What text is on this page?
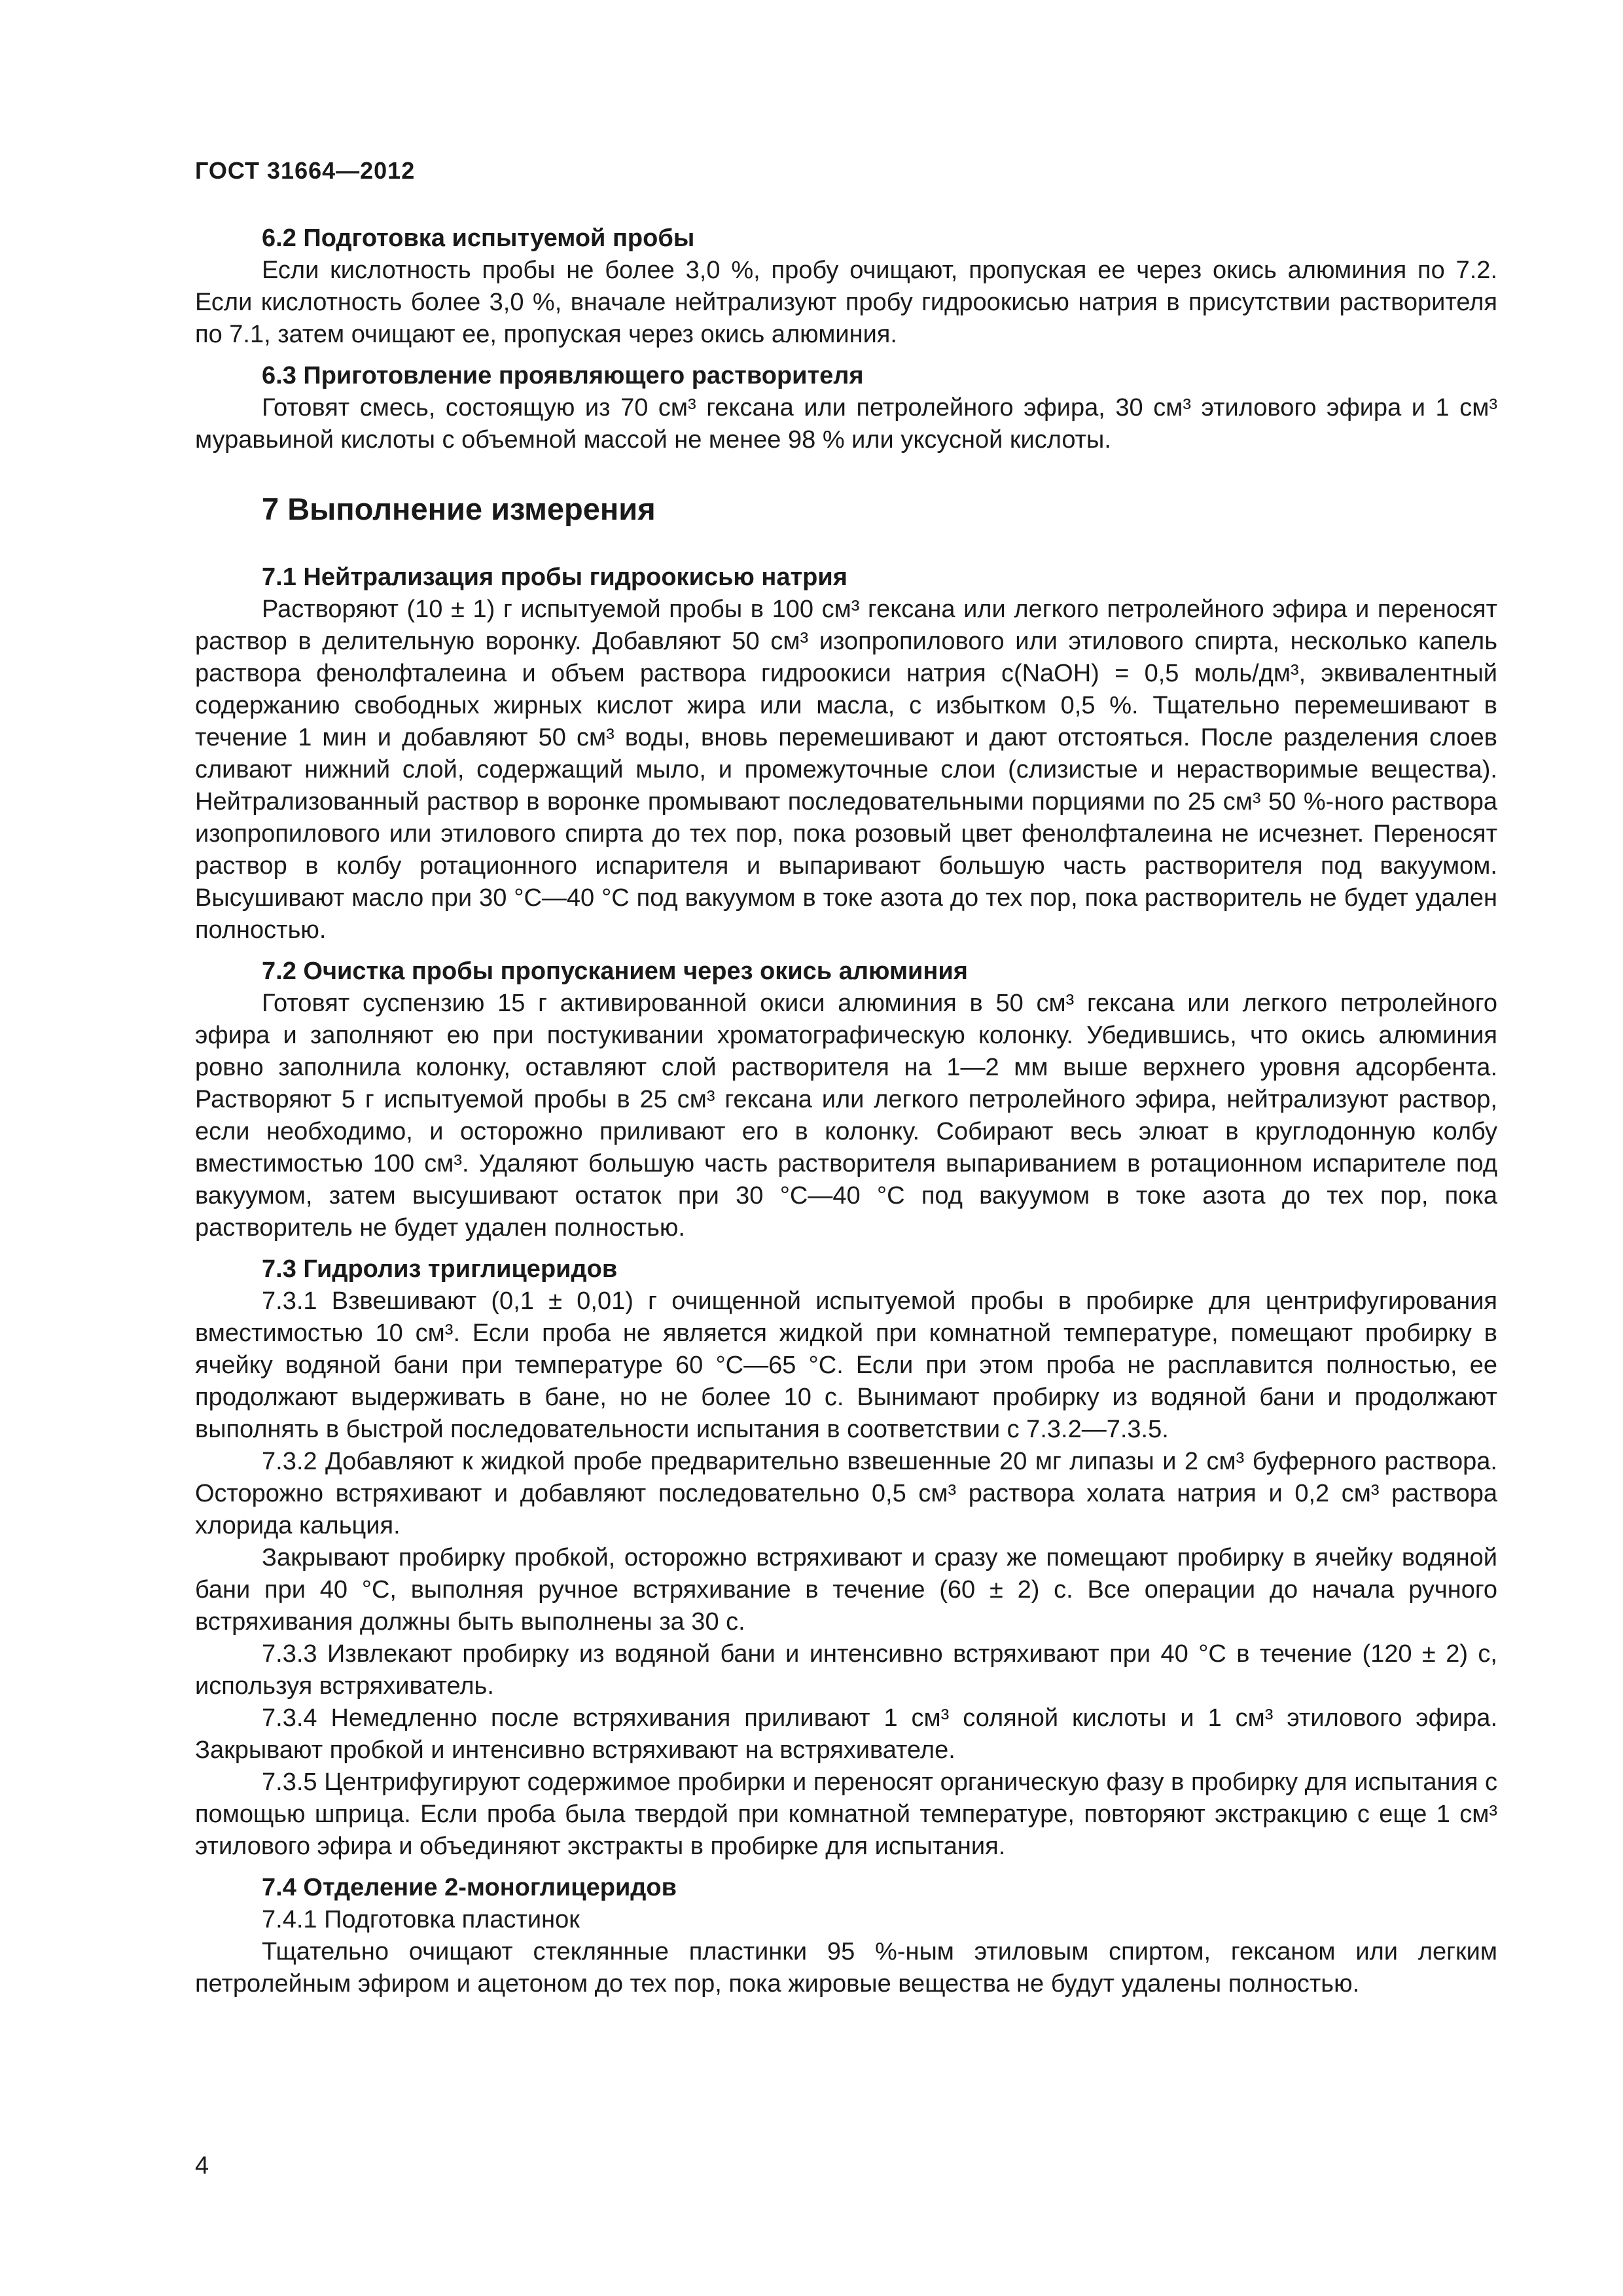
ГОСТ 31664—2012
6.2 Подготовка испытуемой пробы

Если кислотность пробы не более 3,0 %, пробу очищают, пропуская ее через окись алюминия по 7.2. Если кислотность более 3,0 %, вначале нейтрализуют пробу гидроокисью натрия в присутствии растворителя по 7.1, затем очищают ее, пропуская через окись алюминия.

6.3 Приготовление проявляющего растворителя

Готовят смесь, состоящую из 70 см³ гексана или петролейного эфира, 30 см³ этилового эфира и 1 см³ муравьиной кислоты с объемной массой не менее 98 % или уксусной кислоты.

7 Выполнение измерения
7.1 Нейтрализация пробы гидроокисью натрия

Растворяют (10 ± 1) г испытуемой пробы в 100 см³ гексана или легкого петролейного эфира и переносят раствор в делительную воронку. Добавляют 50 см³ изопропилового или этилового спирта, несколько капель раствора фенолфталеина и объем раствора гидроокиси натрия c(NaOH) = 0,5 моль/дм³, эквивалентный содержанию свободных жирных кислот жира или масла, с избытком 0,5 %. Тщательно перемешивают в течение 1 мин и добавляют 50 см³ воды, вновь перемешивают и дают отстояться. После разделения слоев сливают нижний слой, содержащий мыло, и промежуточные слои (слизистые и нерастворимые вещества). Нейтрализованный раствор в воронке промывают последовательными порциями по 25 см³ 50 %-ного раствора изопропилового или этилового спирта до тех пор, пока розовый цвет фенолфталеина не исчезнет. Переносят раствор в колбу ротационного испарителя и выпаривают большую часть растворителя под вакуумом. Высушивают масло при 30 °С—40 °С под вакуумом в токе азота до тех пор, пока растворитель не будет удален полностью.

7.2 Очистка пробы пропусканием через окись алюминия

Готовят суспензию 15 г активированной окиси алюминия в 50 см³ гексана или легкого петролейного эфира и заполняют ею при постукивании хроматографическую колонку. Убедившись, что окись алюминия ровно заполнила колонку, оставляют слой растворителя на 1—2 мм выше верхнего уровня адсорбента. Растворяют 5 г испытуемой пробы в 25 см³ гексана или легкого петролейного эфира, нейтрализуют раствор, если необходимо, и осторожно приливают его в колонку. Собирают весь элюат в круглодонную колбу вместимостью 100 см³. Удаляют большую часть растворителя выпариванием в ротационном испарителе под вакуумом, затем высушивают остаток при 30 °С—40 °С под вакуумом в токе азота до тех пор, пока растворитель не будет удален полностью.

7.3 Гидролиз триглицеридов

7.3.1 Взвешивают (0,1 ± 0,01) г очищенной испытуемой пробы в пробирке для центрифугирования вместимостью 10 см³. Если проба не является жидкой при комнатной температуре, помещают пробирку в ячейку водяной бани при температуре 60 °С—65 °С. Если при этом проба не расплавится полностью, ее продолжают выдерживать в бане, но не более 10 с. Вынимают пробирку из водяной бани и продолжают выполнять в быстрой последовательности испытания в соответствии с 7.3.2—7.3.5.

7.3.2 Добавляют к жидкой пробе предварительно взвешенные 20 мг липазы и 2 см³ буферного раствора. Осторожно встряхивают и добавляют последовательно 0,5 см³ раствора холата натрия и 0,2 см³ раствора хлорида кальция.

Закрывают пробирку пробкой, осторожно встряхивают и сразу же помещают пробирку в ячейку водяной бани при 40 °С, выполняя ручное встряхивание в течение (60 ± 2) с. Все операции до начала ручного встряхивания должны быть выполнены за 30 с.

7.3.3 Извлекают пробирку из водяной бани и интенсивно встряхивают при 40 °С в течение (120 ± 2) с, используя встряхиватель.

7.3.4 Немедленно после встряхивания приливают 1 см³ соляной кислоты и 1 см³ этилового эфира. Закрывают пробкой и интенсивно встряхивают на встряхивателе.

7.3.5 Центрифугируют содержимое пробирки и переносят органическую фазу в пробирку для испытания с помощью шприца. Если проба была твердой при комнатной температуре, повторяют экстракцию с еще 1 см³ этилового эфира и объединяют экстракты в пробирке для испытания.

7.4 Отделение 2-моноглицеридов

7.4.1 Подготовка пластинок

Тщательно очищают стеклянные пластинки 95 %-ным этиловым спиртом, гексаном или легким петролейным эфиром и ацетоном до тех пор, пока жировые вещества не будут удалены полностью.

4
